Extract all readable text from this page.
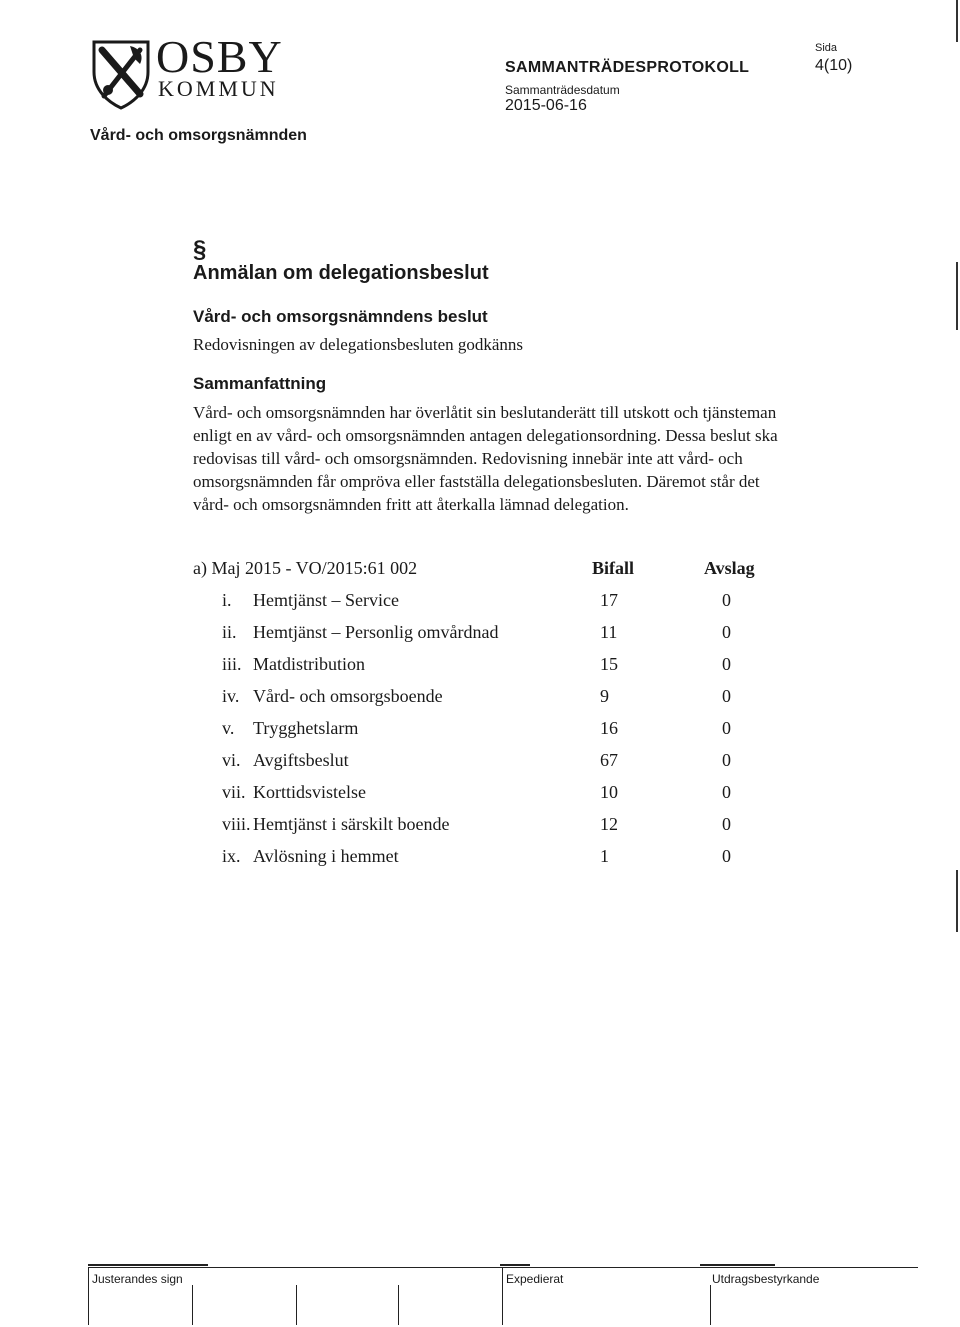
OSBY
KOMMUN
SAMMANTRÄDESPROTOKOLL
Sammanträdesdatum
2015-06-16
Sida
4(10)
Vård- och omsorgsnämnden
§
Anmälan om delegationsbeslut
Vård- och omsorgsnämndens beslut
Redovisningen av delegationsbesluten godkänns
Sammanfattning

Vård- och omsorgsnämnden har överlåtit sin beslutanderätt till utskott och tjänsteman enligt en av vård- och omsorgsnämnden antagen delegationsordning. Dessa beslut ska redovisas till vård- och omsorgsnämnden. Redovisning innebär inte att vård- och omsorgsnämnden får ompröva eller fastställa delegationsbesluten. Däremot står det vård- och omsorgsnämnden fritt att återkalla lämnad delegation.

a) Maj 2015 - VO/2015:61 002	Bifall	Avslag
i. Hemtjänst – Service	17	0
ii. Hemtjänst – Personlig omvårdnad	11	0
iii. Matdistribution	15	0
iv. Vård- och omsorgsboende	9	0
v. Trygghetslarm	16	0
vi. Avgiftsbeslut	67	0
vii. Korttidsvistelse	10	0
viii. Hemtjänst i särskilt boende	12	0
ix. Avlösning i hemmet	1	0
Justerandes sign	Expedierat	Utdragsbestyrkande
